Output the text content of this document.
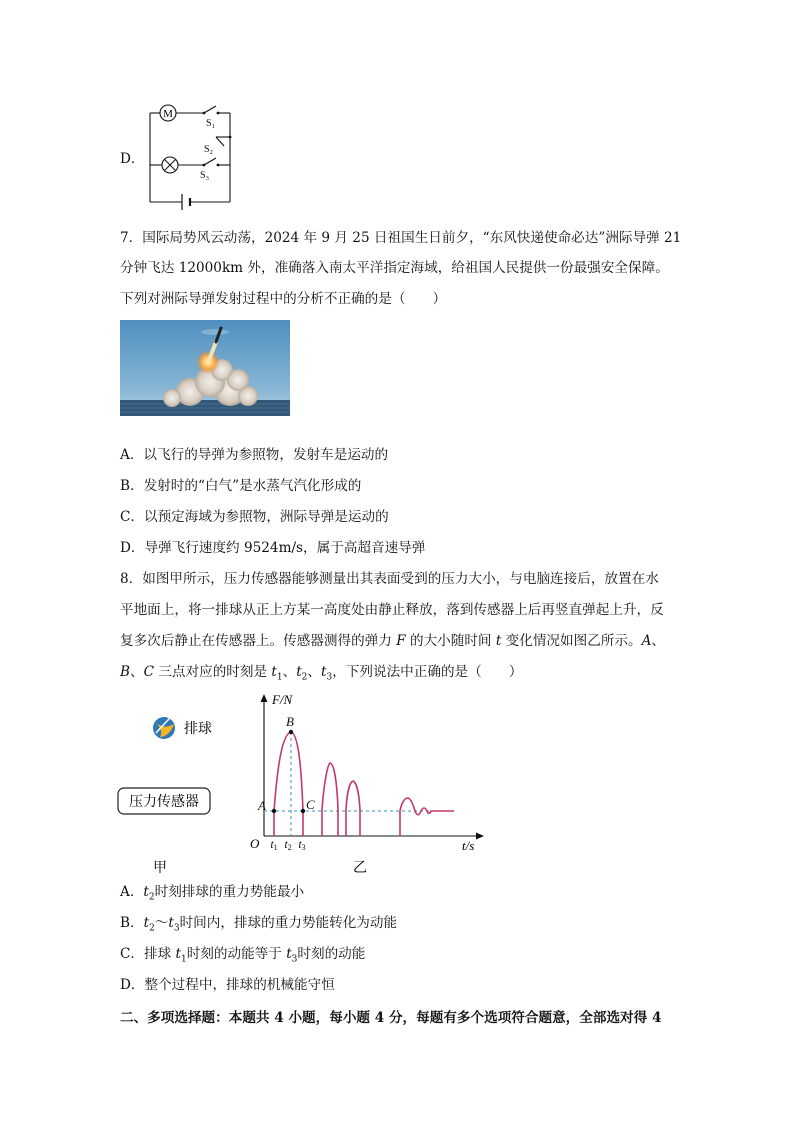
D．
M
$S_1$
$S_2$
$S_3$
7．国际局势风云动荡，2024 年 9 月 25 日祖国生日前夕，“东风快递使命必达”洲际导弹 21
分钟飞达 12000km 外，准确落入南太平洋指定海域，给祖国人民提供一份最强安全保障。
下列对洲际导弹发射过程中的分析不正确的是（　　）
A．以飞行的导弹为参照物，发射车是运动的
B．发射时的“白气”是水蒸气汽化形成的
C．以预定海域为参照物，洲际导弹是运动的
D．导弹飞行速度约 9524m/s，属于高超音速导弹
8．如图甲所示，压力传感器能够测量出其表面受到的压力大小，与电脑连接后，放置在水
平地面上，将一排球从正上方某一高度处由静止释放，落到传感器上后再竖直弹起上升，反
复多次后静止在传感器上。传感器测得的弹力 F 的大小随时间 t 变化情况如图乙所示。A、
B、C 三点对应的时刻是 $t_1$、$t_2$、$t_3$，下列说法中正确的是（　　）
排球
压力传感器
甲
F/N
t/s
O
A
B
C
t1 t2 t3
乙
A．$t_2$时刻排球的重力势能最小
B．$t_2\sim t_3$时间内，排球的重力势能转化为动能
C．排球 $t_1$时刻的动能等于 $t_3$时刻的动能
D．整个过程中，排球的机械能守恒
二、多项选择题：本题共 4 小题，每小题 4 分，每题有多个选项符合题意，全部选对得 4
